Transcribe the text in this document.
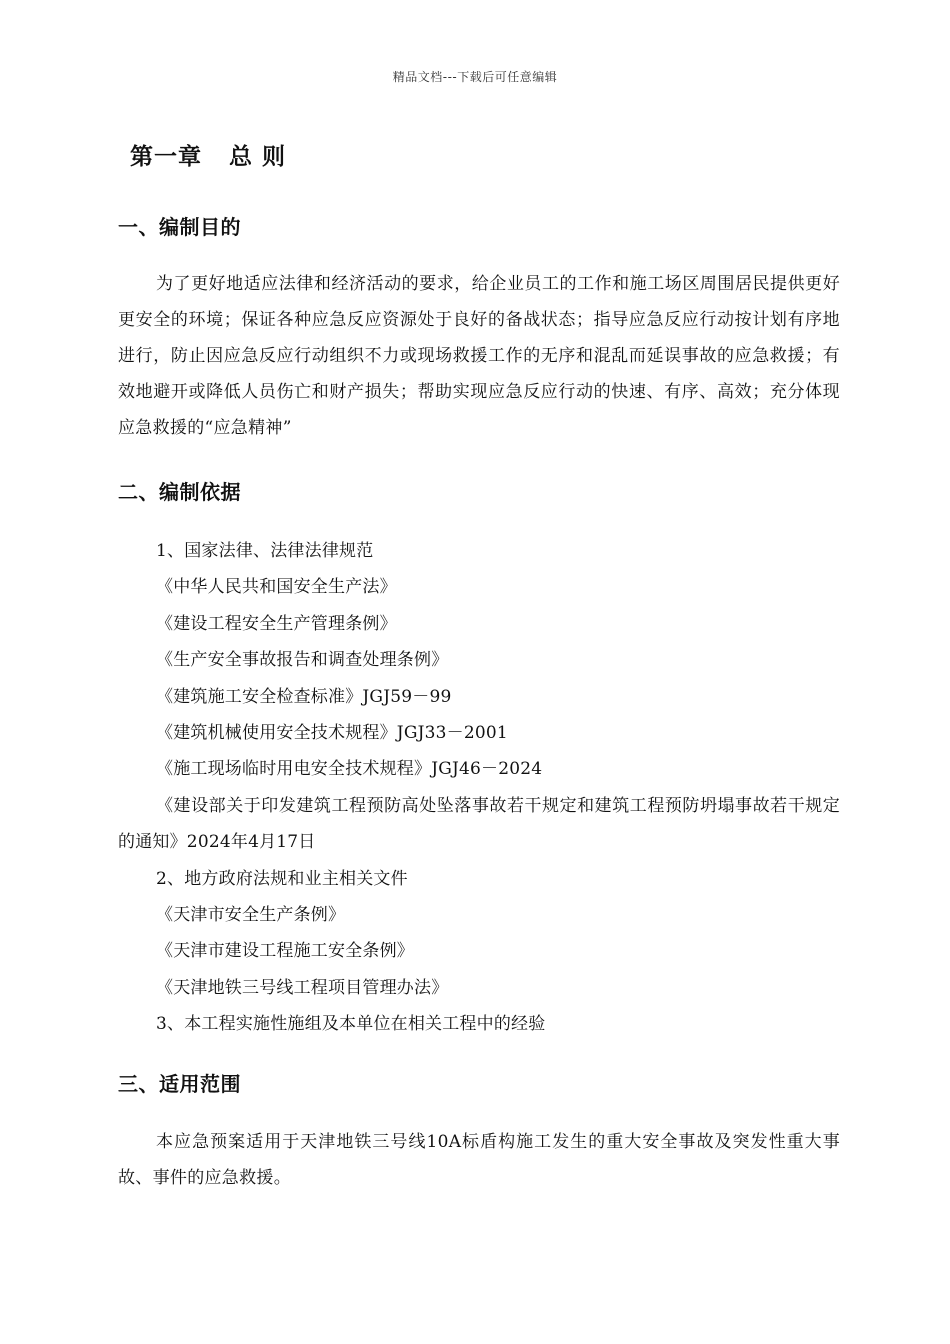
精品文档---下载后可任意编辑
第一章   总 则
一、编制目的
为了更好地适应法律和经济活动的要求，给企业员工的工作和施工场区周围居民提供更好更安全的环境；保证各种应急反应资源处于良好的备战状态；指导应急反应行动按计划有序地进行，防止因应急反应行动组织不力或现场救援工作的无序和混乱而延误事故的应急救援；有效地避开或降低人员伤亡和财产损失；帮助实现应急反应行动的快速、有序、高效；充分体现应急救援的“应急精神”
二、编制依据
1、国家法律、法律法律规范
《中华人民共和国安全生产法》
《建设工程安全生产管理条例》
《生产安全事故报告和调查处理条例》
《建筑施工安全检查标准》JGJ59－99
《建筑机械使用安全技术规程》JGJ33－2001
《施工现场临时用电安全技术规程》JGJ46－2024
《建设部关于印发建筑工程预防高处坠落事故若干规定和建筑工程预防坍塌事故若干规定的通知》2024年4月17日
2、地方政府法规和业主相关文件
《天津市安全生产条例》
《天津市建设工程施工安全条例》
《天津地铁三号线工程项目管理办法》
3、本工程实施性施组及本单位在相关工程中的经验
三、适用范围
本应急预案适用于天津地铁三号线10A标盾构施工发生的重大安全事故及突发性重大事故、事件的应急救援。
